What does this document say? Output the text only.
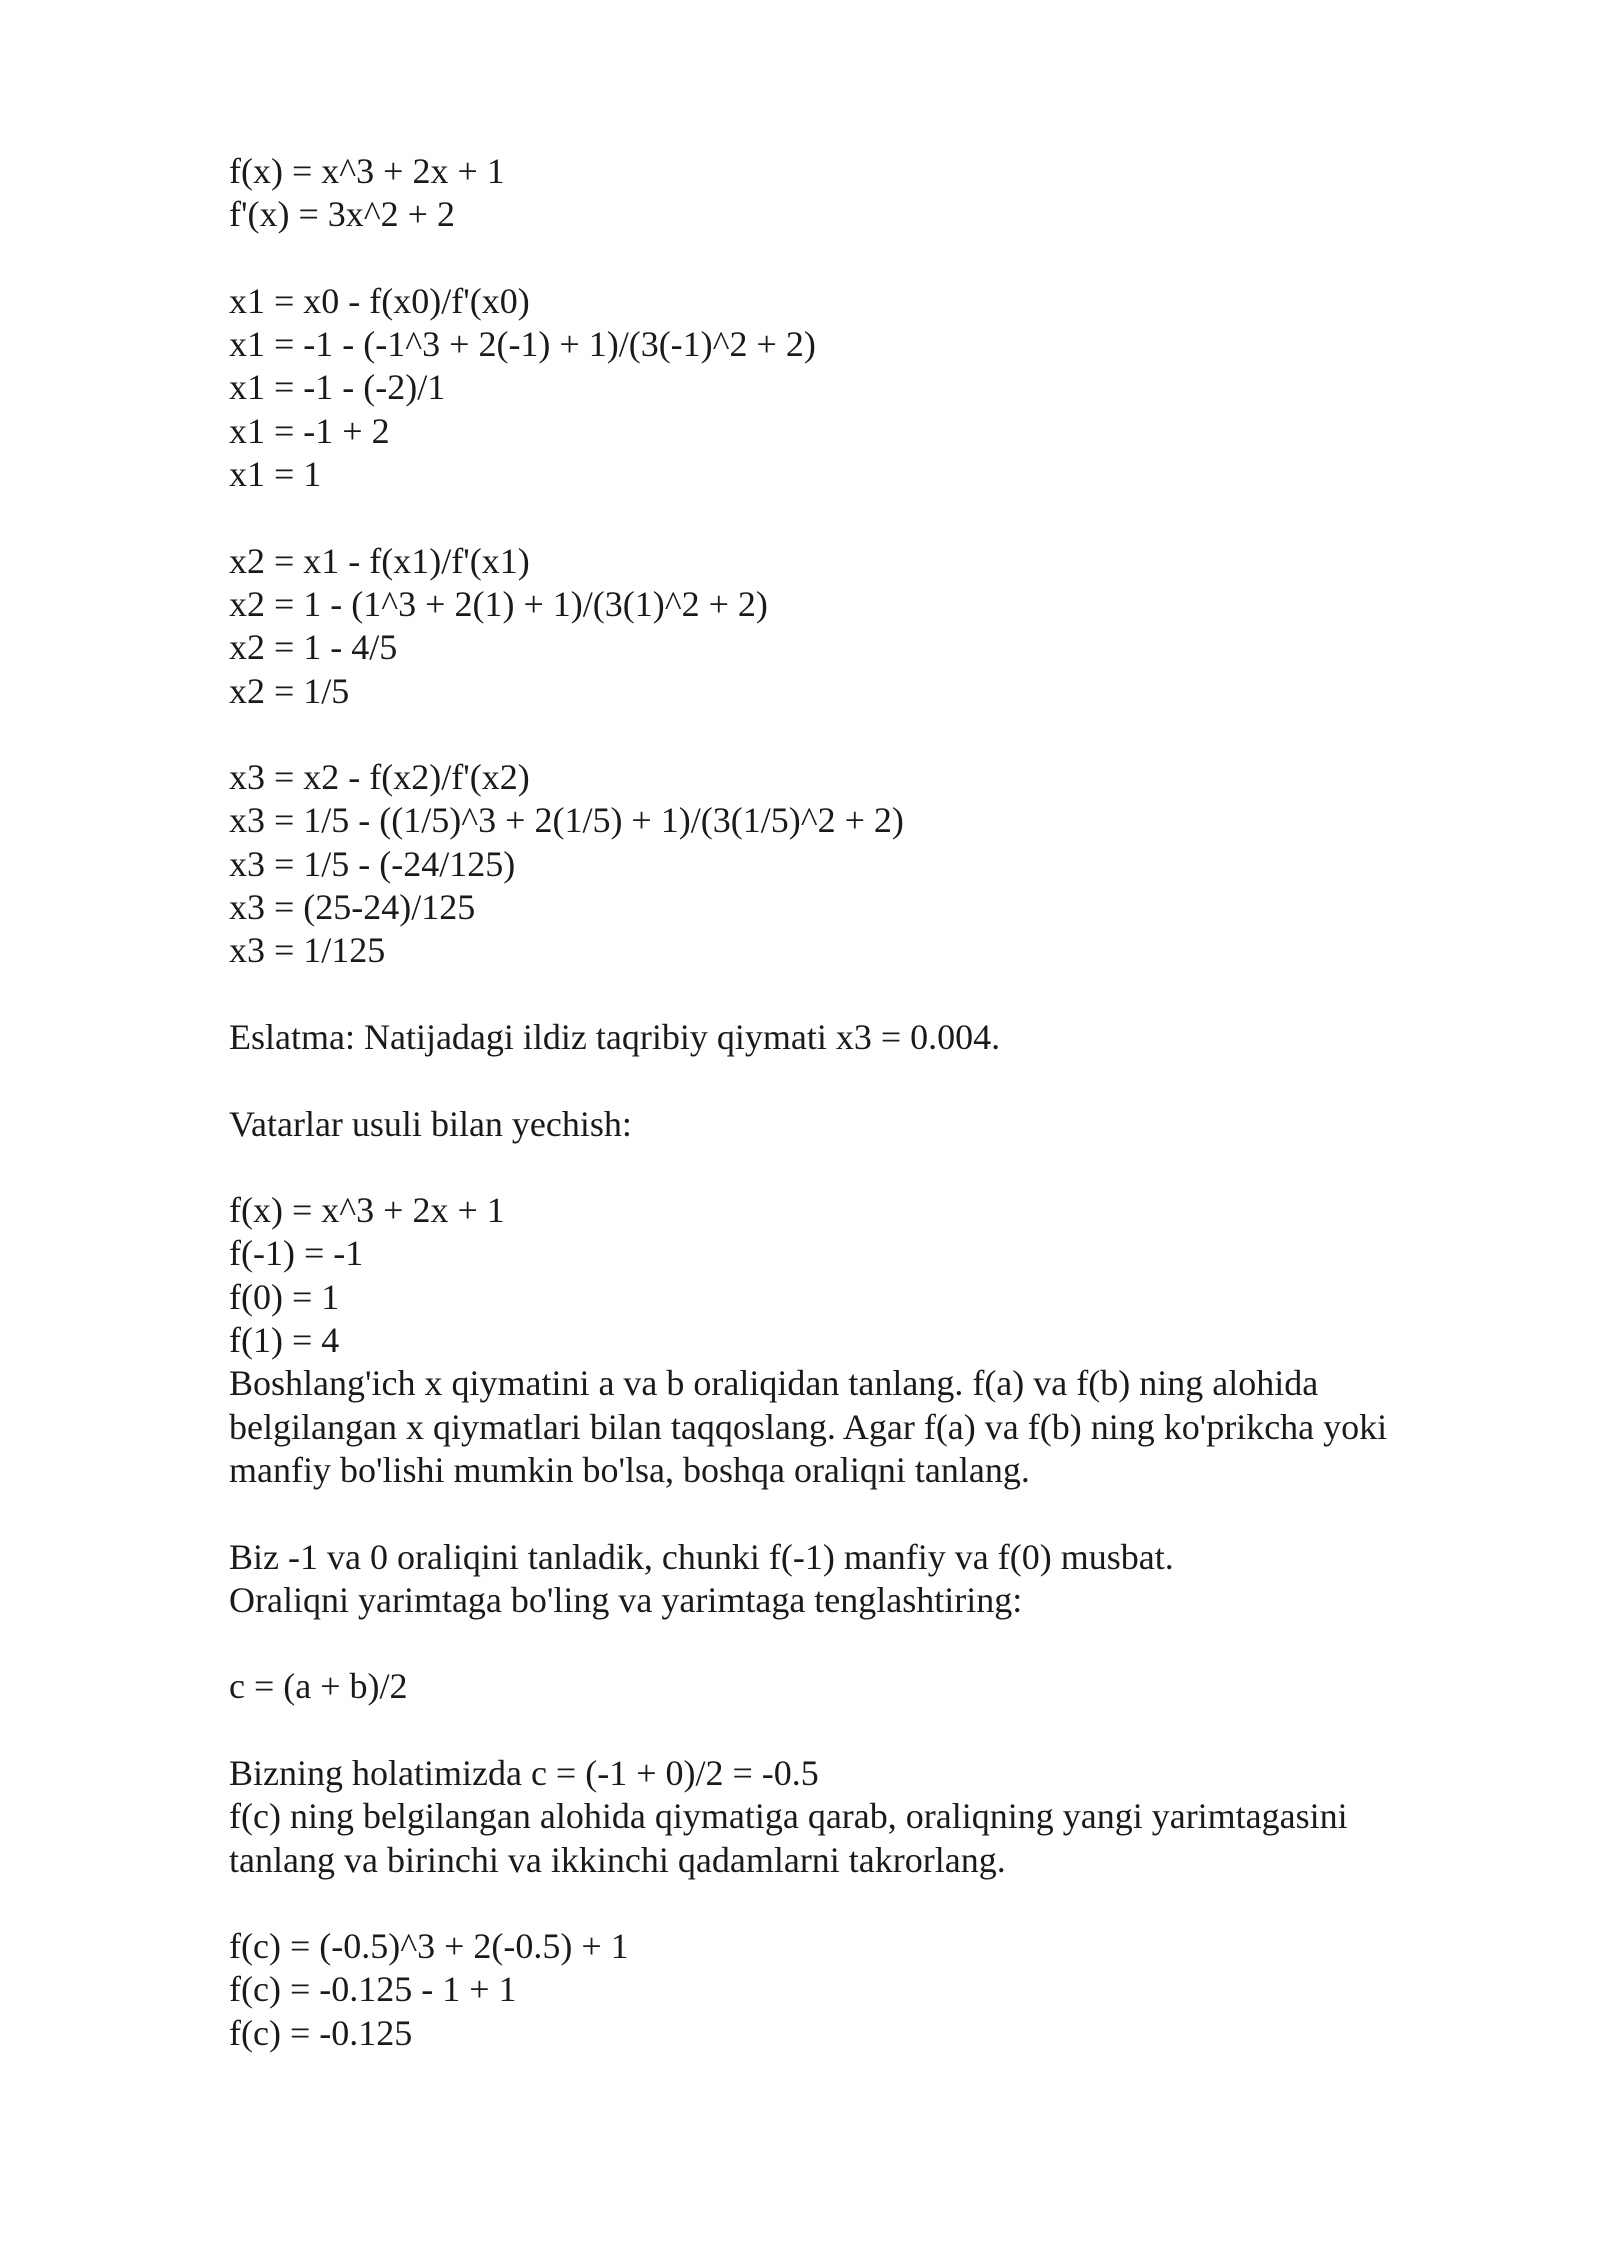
f(x) = x^3 + 2x + 1
f'(x) = 3x^2 + 2
x1 = x0 - f(x0)/f'(x0)
x1 = -1 - (-1^3 + 2(-1) + 1)/(3(-1)^2 + 2)
x1 = -1 - (-2)/1
x1 = -1 + 2
x1 = 1
x2 = x1 - f(x1)/f'(x1)
x2 = 1 - (1^3 + 2(1) + 1)/(3(1)^2 + 2)
x2 = 1 - 4/5
x2 = 1/5
x3 = x2 - f(x2)/f'(x2)
x3 = 1/5 - ((1/5)^3 + 2(1/5) + 1)/(3(1/5)^2 + 2)
x3 = 1/5 - (-24/125)
x3 = (25-24)/125
x3 = 1/125
Eslatma: Natijadagi ildiz taqribiy qiymati x3 = 0.004.
Vatarlar usuli bilan yechish:
f(x) = x^3 + 2x + 1
f(-1) = -1
f(0) = 1
f(1) = 4
Boshlang'ich x qiymatini a va b oraliqidan tanlang. f(a) va f(b) ning alohida
belgilangan x qiymatlari bilan taqqoslang. Agar f(a) va f(b) ning ko'prikcha yoki
manfiy bo'lishi mumkin bo'lsa, boshqa oraliqni tanlang.
Biz -1 va 0 oraliqini tanladik, chunki f(-1) manfiy va f(0) musbat.
Oraliqni yarimtaga bo'ling va yarimtaga tenglashtiring:
c = (a + b)/2
Bizning holatimizda c = (-1 + 0)/2 = -0.5
f(c) ning belgilangan alohida qiymatiga qarab, oraliqning yangi yarimtagasini
tanlang va birinchi va ikkinchi qadamlarni takrorlang.
f(c) = (-0.5)^3 + 2(-0.5) + 1
f(c) = -0.125 - 1 + 1
f(c) = -0.125
